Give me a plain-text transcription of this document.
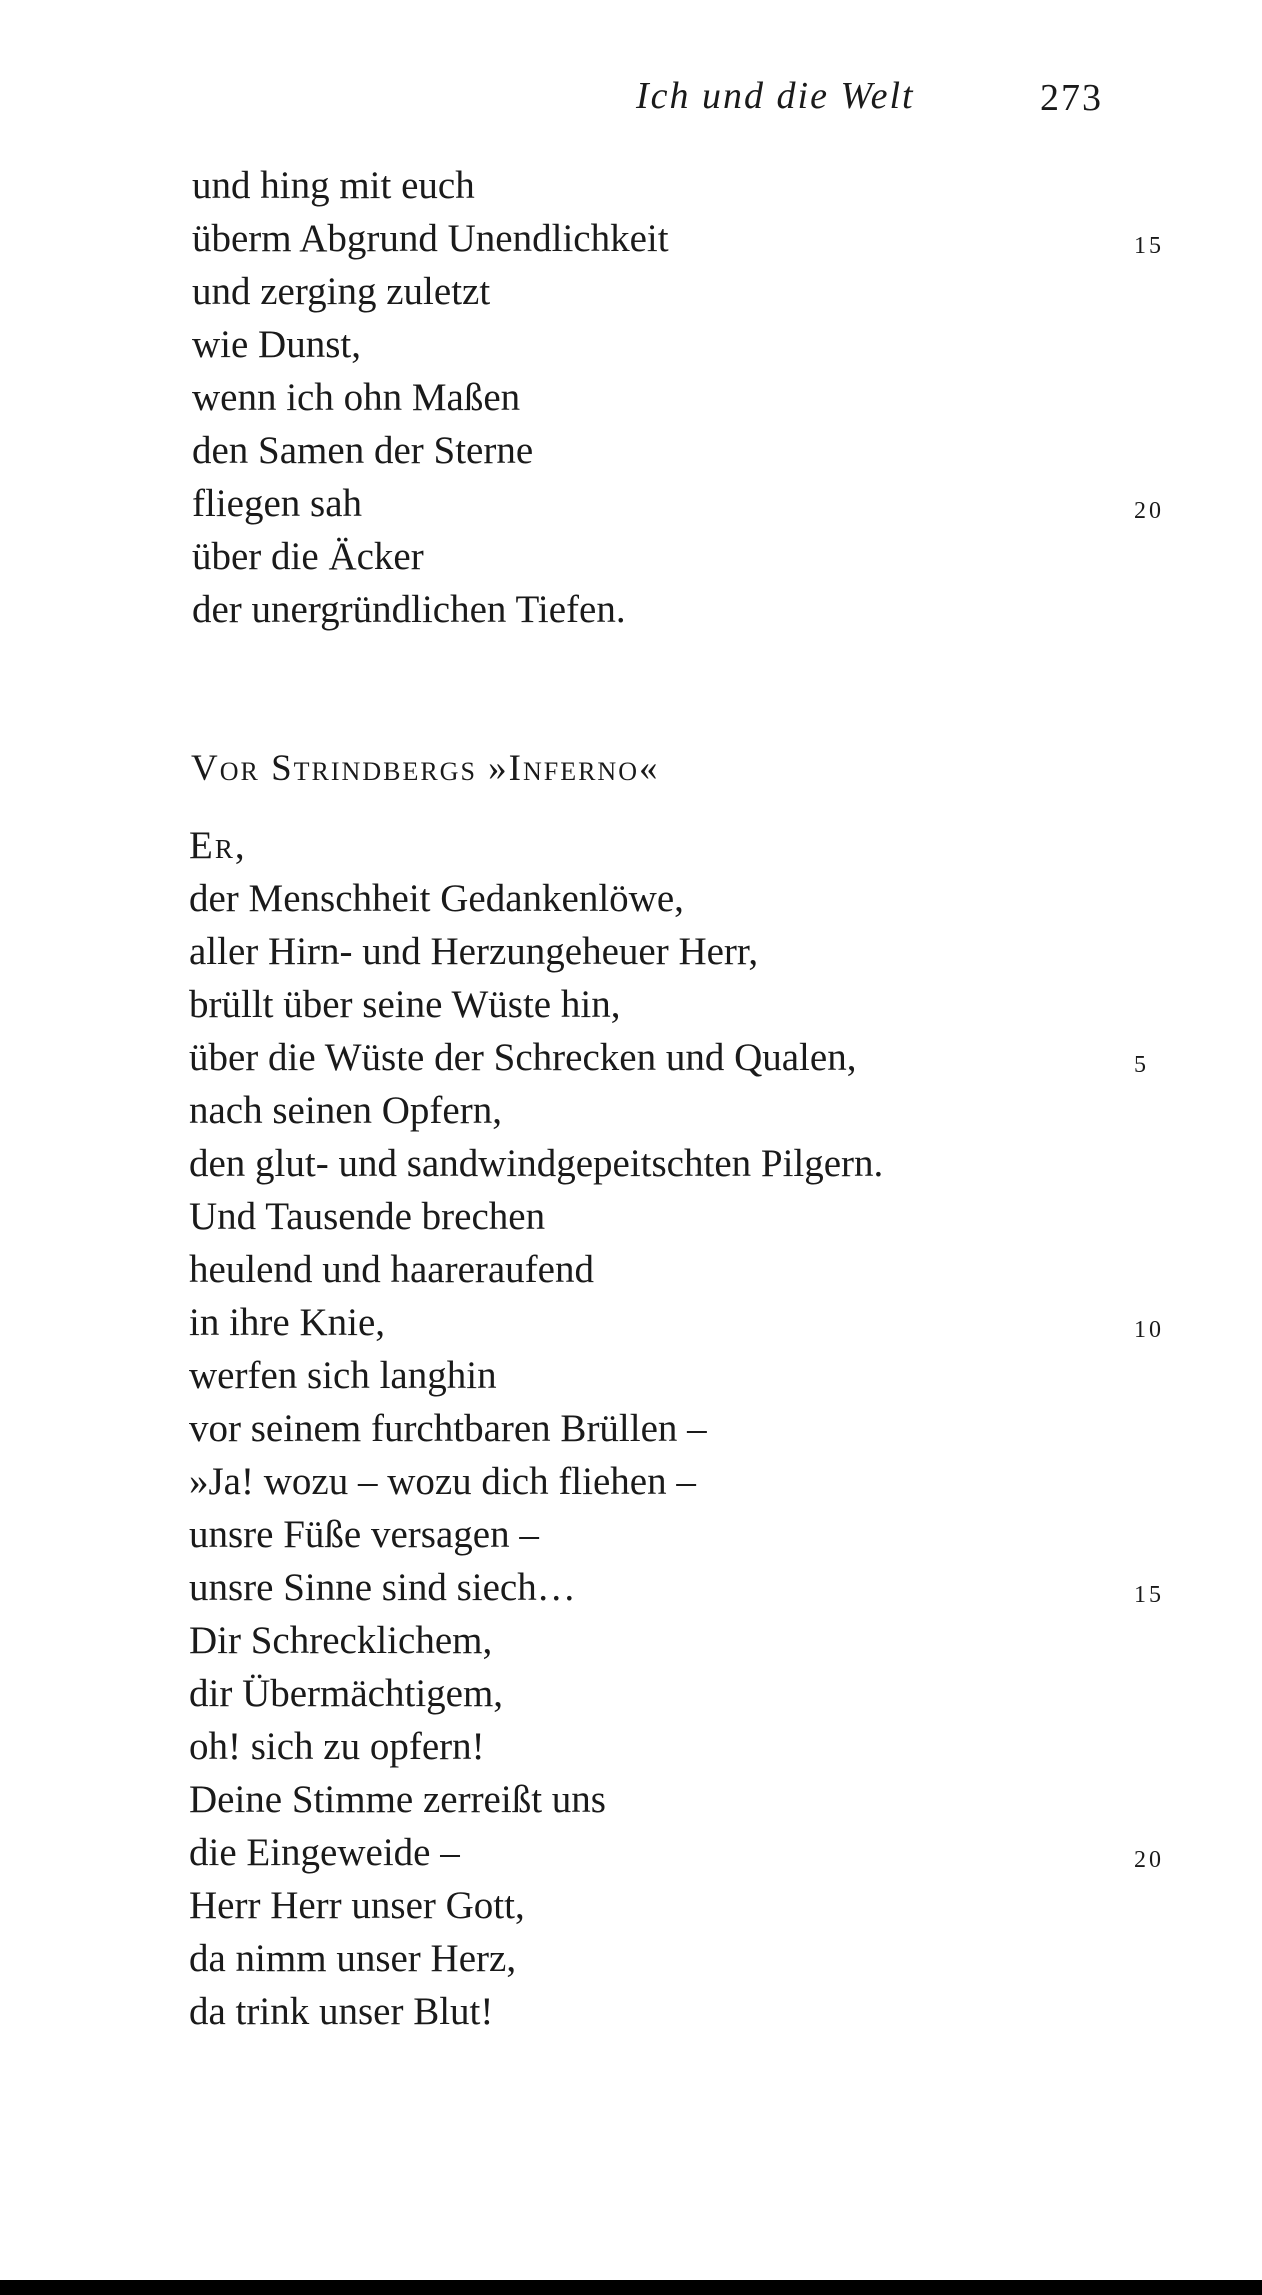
Ich und die Welt	273
und hing mit euch
überm Abgrund Unendlichkeit	15
und zerging zuletzt
wie Dunst,
wenn ich ohn Maßen
den Samen der Sterne
fliegen sah	20
über die Äcker
der unergründlichen Tiefen.
Vor Strindbergs »Inferno«
Er,
der Menschheit Gedankenlöwe,
aller Hirn- und Herzungeheuer Herr,
brüllt über seine Wüste hin,
über die Wüste der Schrecken und Qualen,	5
nach seinen Opfern,
den glut- und sandwindgepeitschten Pilgern.
Und Tausende brechen
heulend und haareraufend
in ihre Knie,	10
werfen sich langhin
vor seinem furchtbaren Brüllen –
»Ja! wozu – wozu dich fliehen –
unsre Füße versagen –
unsre Sinne sind siech…	15
Dir Schrecklichem,
dir Übermächtigem,
oh! sich zu opfern!
Deine Stimme zerreißt uns
die Eingeweide –	20
Herr Herr unser Gott,
da nimm unser Herz,
da trink unser Blut!
